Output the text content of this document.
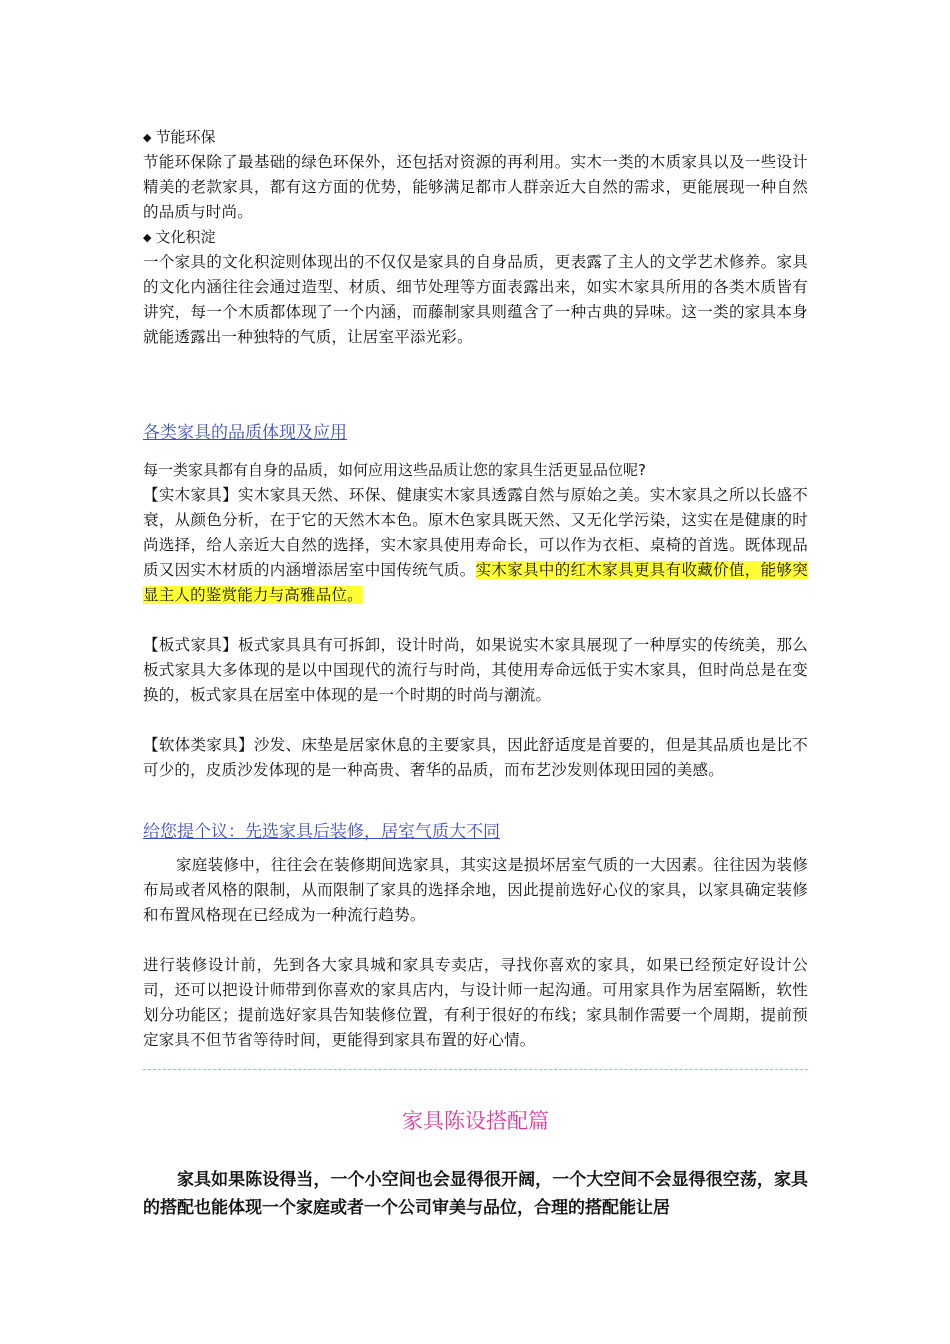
◆ 节能环保

节能环保除了最基础的绿色环保外，还包括对资源的再利用。实木一类的木质家具以及一些设计精美的老款家具，都有这方面的优势，能够满足都市人群亲近大自然的需求，更能展现一种自然的品质与时尚。

◆ 文化积淀

一个家具的文化积淀则体现出的不仅仅是家具的自身品质，更表露了主人的文学艺术修养。家具的文化内涵往往会通过造型、材质、细节处理等方面表露出来，如实木家具所用的各类木质皆有讲究，每一个木质都体现了一个内涵，而藤制家具则蕴含了一种古典的异味。这一类的家具本身就能透露出一种独特的气质，让居室平添光彩。

各类家具的品质体现及应用

每一类家具都有自身的品质，如何应用这些品质让您的家具生活更显品位呢?

【实木家具】实木家具天然、环保、健康实木家具透露自然与原始之美。实木家具之所以长盛不衰，从颜色分析，在于它的天然木本色。原木色家具既天然、又无化学污染，这实在是健康的时尚选择，给人亲近大自然的选择，实木家具使用寿命长，可以作为衣柜、桌椅的首选。既体现品质又因实木材质的内涵增添居室中国传统气质。实木家具中的红木家具更具有收藏价值，能够突显主人的鉴赏能力与高雅品位。

【板式家具】板式家具具有可拆卸，设计时尚，如果说实木家具展现了一种厚实的传统美，那么板式家具大多体现的是以中国现代的流行与时尚，其使用寿命远低于实木家具，但时尚总是在变换的，板式家具在居室中体现的是一个时期的时尚与潮流。

【软体类家具】沙发、床垫是居家休息的主要家具，因此舒适度是首要的，但是其品质也是比不可少的，皮质沙发体现的是一种高贵、奢华的品质，而布艺沙发则体现田园的美感。

给您提个议：先选家具后装修，居室气质大不同

家庭装修中，往往会在装修期间选家具，其实这是损坏居室气质的一大因素。往往因为装修布局或者风格的限制，从而限制了家具的选择余地，因此提前选好心仪的家具，以家具确定装修和布置风格现在已经成为一种流行趋势。

进行装修设计前，先到各大家具城和家具专卖店，寻找你喜欢的家具，如果已经预定好设计公司，还可以把设计师带到你喜欢的家具店内，与设计师一起沟通。可用家具作为居室隔断，软性划分功能区；提前选好家具告知装修位置，有利于很好的布线；家具制作需要一个周期，提前预定家具不但节省等待时间，更能得到家具布置的好心情。

家具陈设搭配篇

家具如果陈设得当，一个小空间也会显得很开阔，一个大空间不会显得很空荡，家具的搭配也能体现一个家庭或者一个公司审美与品位，合理的搭配能让居
